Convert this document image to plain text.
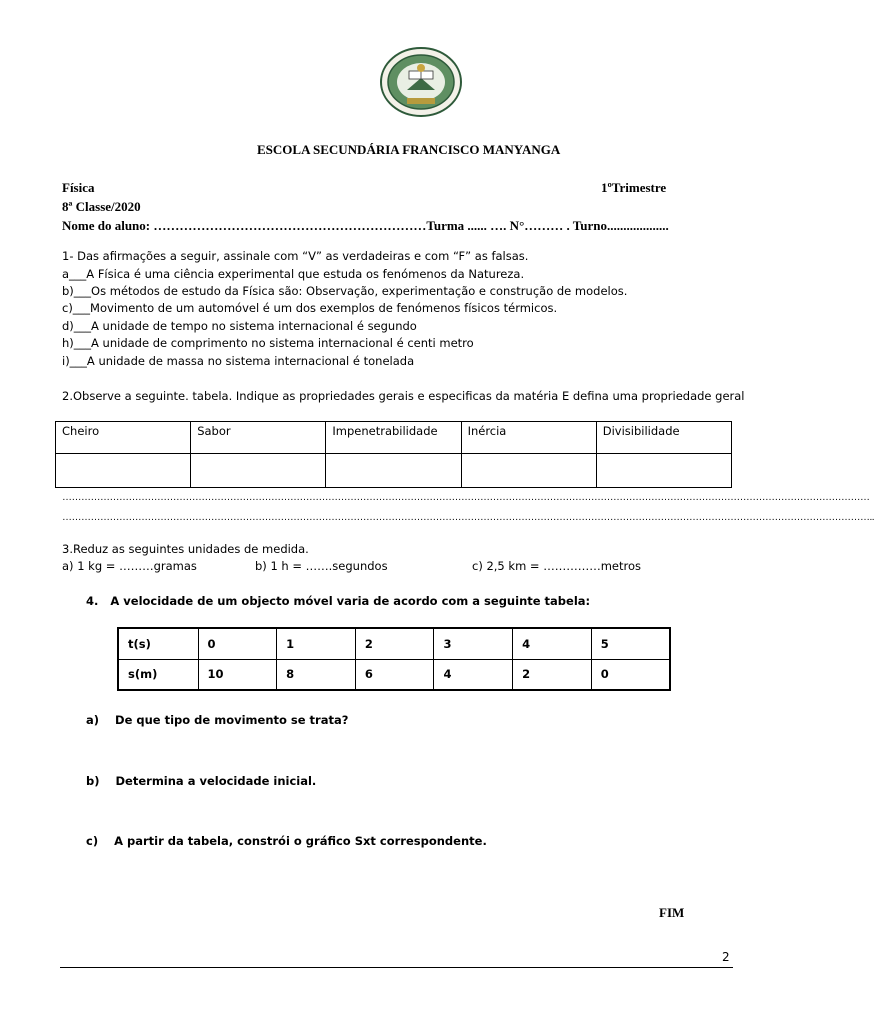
ESCOLA SECUNDÁRIA FRANCISCO MANYANGA
Física	1ºTrimestre
8ª Classe/2020
Nome do aluno: ………………………………………………………Turma ...... …. N°……… . Turno...................
1- Das afirmações a seguir, assinale com “V” as verdadeiras e com “F” as falsas.
a___A Física é uma ciência experimental que estuda os fenómenos da Natureza.
b)___Os métodos de estudo da Física são: Observação, experimentação e construção de modelos.
c)___Movimento de um automóvel é um dos exemplos de fenómenos físicos térmicos.
d)___A unidade de tempo no sistema internacional é segundo
h)___A unidade de comprimento no sistema internacional é centi metro
i)___A unidade de massa no sistema internacional é tonelada
2.Observe a seguinte. tabela. Indique as propriedades gerais e especificas da matéria E defina uma propriedade geral
Cheiro	Sabor	Impenetrabilidade	Inércia	Divisibilidade

…………………………………………………………………………………………………………………………………………………………………………………………………………………………………
…………………………………………………………………………………………………………………………………………………………………………………………………………………………………..
3.Reduz as seguintes unidades de medida.
a) 1 kg = ………gramas	b) 1 h = …….segundos	c) 2,5 km = ……………metros
4.   A velocidade de um objecto móvel varia de acordo com a seguinte tabela:
t(s)	0	1	2	3	4	5
s(m)	10	8	6	4	2	0
a)    De que tipo de movimento se trata?
b)    Determina a velocidade inicial.
c)    A partir da tabela, constrói o gráfico Sxt correspondente.
FIM
2
